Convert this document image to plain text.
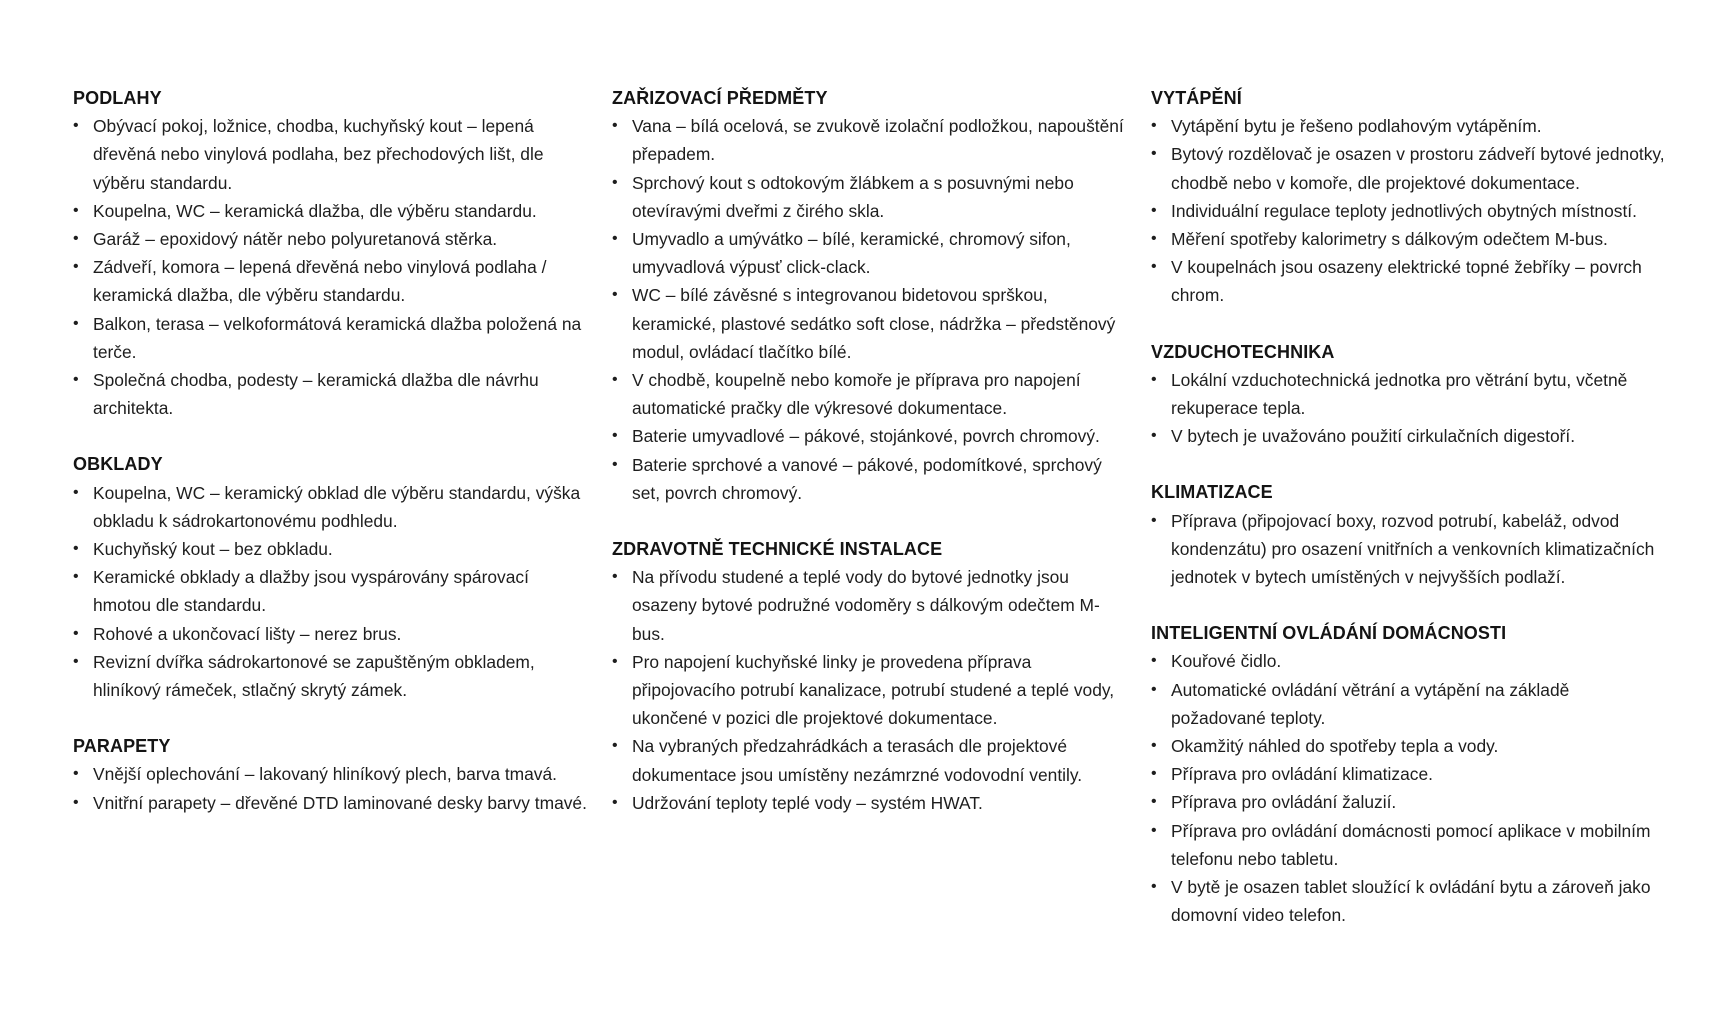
PODLAHY
• Obývací pokoj, ložnice, chodba, kuchyňský kout – lepená dřevěná nebo vinylová podlaha, bez přechodových lišt, dle výběru standardu.
• Koupelna, WC – keramická dlažba, dle výběru standardu.
• Garáž – epoxidový nátěr nebo polyuretanová stěrka.
• Zádveří, komora – lepená dřevěná nebo vinylová podlaha / keramická dlažba, dle výběru standardu.
• Balkon, terasa – velkoformátová keramická dlažba položená na terče.
• Společná chodba, podesty – keramická dlažba dle návrhu architekta.
OBKLADY
• Koupelna, WC – keramický obklad dle výběru standardu, výška obkladu k sádrokartonovému podhledu.
• Kuchyňský kout – bez obkladu.
• Keramické obklady a dlažby jsou vyspárovány spárovací hmotou dle standardu.
• Rohové a ukončovací lišty – nerez brus.
• Revizní dvířka sádrokartonové se zapuštěným obkladem, hliníkový rámeček, stlačný skrytý zámek.
PARAPETY
• Vnější oplechování – lakovaný hliníkový plech, barva tmavá.
• Vnitřní parapety – dřevěné DTD laminované desky barvy tmavé.
ZAŘIZOVACÍ PŘEDMĚTY
• Vana – bílá ocelová, se zvukově izolační podložkou, napouštění přepadem.
• Sprchový kout s odtokovým žlábkem a s posuvnými nebo otevíravými dveřmi z čirého skla.
• Umyvadlo a umývátko – bílé, keramické, chromový sifon, umyvadlová výpusť click-clack.
• WC – bílé závěsné s integrovanou bidetovou sprškou, keramické, plastové sedátko soft close, nádržka – předstěnový modul, ovládací tlačítko bílé.
• V chodbě, koupelně nebo komoře je příprava pro napojení automatické pračky dle výkresové dokumentace.
• Baterie umyvadlové – pákové, stojánkové, povrch chromový.
• Baterie sprchové a vanové – pákové, podomítkové, sprchový set, povrch chromový.
ZDRAVOTNĚ TECHNICKÉ INSTALACE
• Na přívodu studené a teplé vody do bytové jednotky jsou osazeny bytové podružné vodoměry s dálkovým odečtem M-bus.
• Pro napojení kuchyňské linky je provedena příprava připojovacího potrubí kanalizace, potrubí studené a teplé vody, ukončené v pozici dle projektové dokumentace.
• Na vybraných předzahrádkách a terasách dle projektové dokumentace jsou umístěny nezámrzné vodovodní ventily.
• Udržování teploty teplé vody – systém HWAT.
VYTÁPĚNÍ
• Vytápění bytu je řešeno podlahovým vytápěním.
• Bytový rozdělovač je osazen v prostoru zádveří bytové jednotky, chodbě nebo v komoře, dle projektové dokumentace.
• Individuální regulace teploty jednotlivých obytných místností.
• Měření spotřeby kalorimetry s dálkovým odečtem M-bus.
• V koupelnách jsou osazeny elektrické topné žebříky – povrch chrom.
VZDUCHOTECHNIKA
• Lokální vzduchotechnická jednotka pro větrání bytu, včetně rekuperace tepla.
• V bytech je uvažováno použití cirkulačních digestoří.
KLIMATIZACE
• Příprava (připojovací boxy, rozvod potrubí, kabeláž, odvod kondenzátu) pro osazení vnitřních a venkovních klimatizačních jednotek v bytech umístěných v nejvyšších podlaží.
INTELIGENTNÍ OVLÁDÁNÍ DOMÁCNOSTI
• Kouřové čidlo.
• Automatické ovládání větrání a vytápění na základě požadované teploty.
• Okamžitý náhled do spotřeby tepla a vody.
• Příprava pro ovládání klimatizace.
• Příprava pro ovládání žaluzií.
• Příprava pro ovládání domácnosti pomocí aplikace v mobilním telefonu nebo tabletu.
• V bytě je osazen tablet sloužící k ovládání bytu a zároveň jako domovní video telefon.
